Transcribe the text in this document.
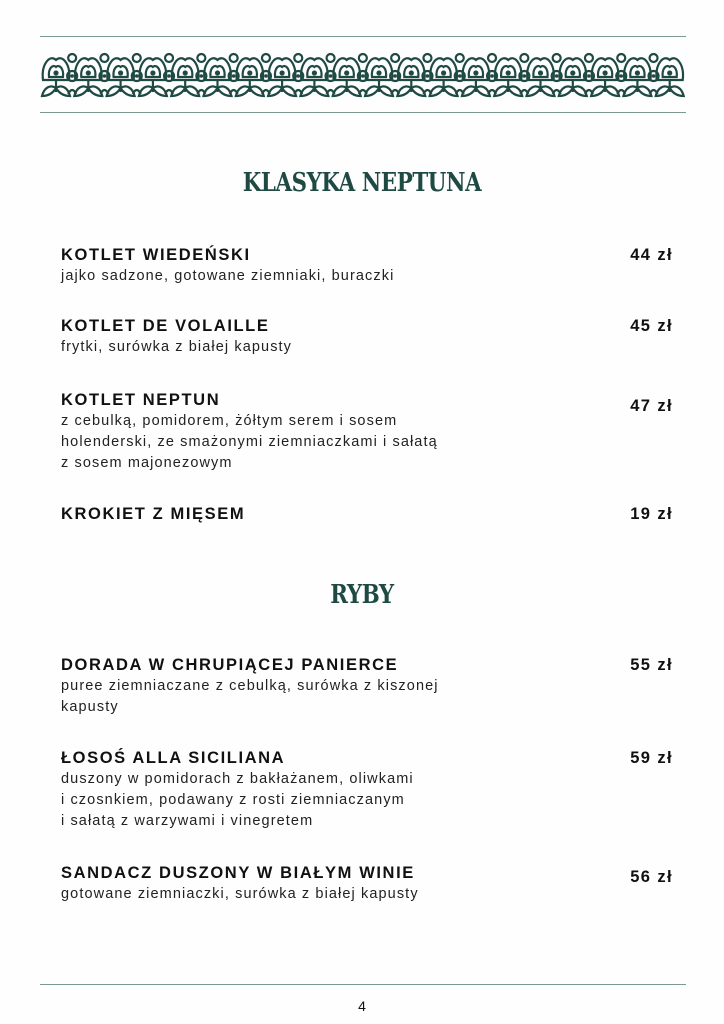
KLASYKA NEPTUNA
KOTLET WIEDEŃSKI	44 zł
jajko sadzone, gotowane ziemniaki, buraczki
KOTLET DE VOLAILLE	45 zł
frytki, surówka z białej kapusty
KOTLET NEPTUN	47 zł
z cebulką, pomidorem, żółtym serem i sosem
holenderski, ze smażonymi ziemniaczkami i sałatą
z sosem majonezowym
KROKIET Z MIĘSEM	19 zł
RYBY
DORADA W CHRUPIĄCEJ PANIERCE	55 zł
puree ziemniaczane z cebulką, surówka z kiszonej
kapusty
ŁOSOŚ ALLA SICILIANA	59 zł
duszony w pomidorach z bakłażanem, oliwkami
i czosnkiem, podawany z rosti ziemniaczanym
i sałatą z warzywami i vinegretem
SANDACZ DUSZONY W BIAŁYM WINIE	56 zł
gotowane ziemniaczki, surówka z białej kapusty
4
